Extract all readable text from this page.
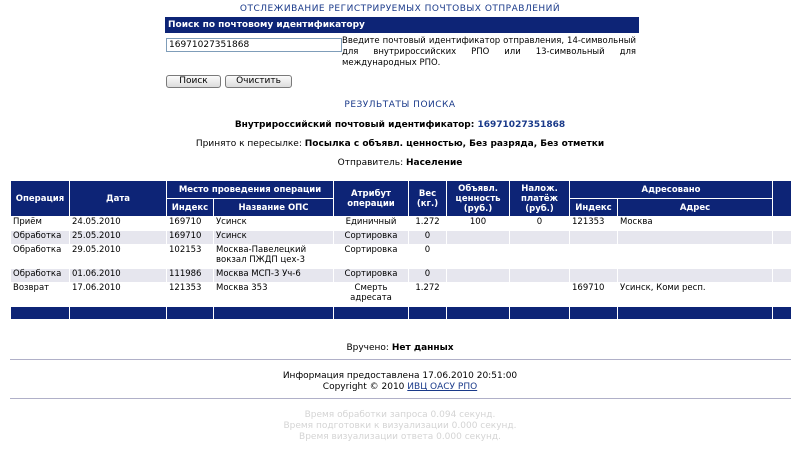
ОТСЛЕЖИВАНИЕ РЕГИСТРИРУЕМЫХ ПОЧТОВЫХ ОТПРАВЛЕНИЙ
Поиск по почтовому идентификатору
16971027351868
Введите почтовый идентификатор отправления, 14-символьный для внутрироссийских РПО или 13-символьный для международных РПО.
Поиск	Очистить
РЕЗУЛЬТАТЫ ПОИСКА
Внутрироссийский почтовый идентификатор: 16971027351868
Принято к пересылке: Посылка с объявл. ценностью, Без разряда, Без отметки
Отправитель: Население
Операция	Дата	Место проведения операции		Атрибут операции	Вес (кг.)	Объявл. ценность (руб.)	Налож. платёж (руб.)	Адресовано		
		Индекс	Название ОПС					Индекс	Адрес	
Приём	24.05.2010	169710	Усинск	Единичный	1.272	100	0	121353	Москва	
Обработка	25.05.2010	169710	Усинск	Сортировка	0					
Обработка	29.05.2010	102153	Москва-Павелецкий вокзал ПЖДП цех-3	Сортировка	0					
Обработка	01.06.2010	111986	Москва МСП-3 Уч-6	Сортировка	0					
Возврат	17.06.2010	121353	Москва 353	Смерть адресата	1.272			169710	Усинск, Коми респ.	

Вручено: Нет данных
Информация предоставлена 17.06.2010 20:51:00
Copyright © 2010 ИВЦ ОАСУ РПО
Время обработки запроса 0.094 секунд.
Время подготовки к визуализации 0.000 секунд.
Время визуализации ответа 0.000 секунд.
